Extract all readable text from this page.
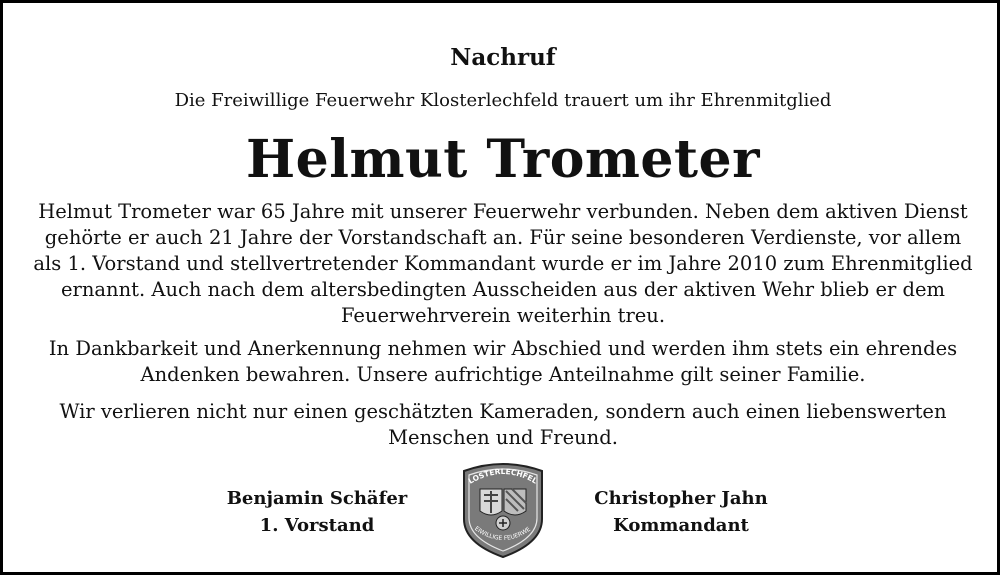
Nachruf
Die Freiwillige Feuerwehr Klosterlechfeld trauert um ihr Ehrenmitglied
Helmut Trometer
Helmut Trometer war 65 Jahre mit unserer Feuerwehr verbunden. Neben dem aktiven Dienst gehörte er auch 21 Jahre der Vorstandschaft an. Für seine besonderen Verdienste, vor allem als 1. Vorstand und stellvertretender Kommandant wurde er im Jahre 2010 zum Ehrenmitglied ernannt. Auch nach dem altersbedingten Ausscheiden aus der aktiven Wehr blieb er dem Feuerwehrverein weiterhin treu.
In Dankbarkeit und Anerkennung nehmen wir Abschied und werden ihm stets ein ehrendes Andenken bewahren. Unsere aufrichtige Anteilnahme gilt seiner Familie.
Wir verlieren nicht nur einen geschätzten Kameraden, sondern auch einen liebenswerten Menschen und Freund.
Benjamin Schäfer
1. Vorstand
LOSTERLECHFEL
EIWILLIGE FEUERWE
Christopher Jahn
Kommandant
